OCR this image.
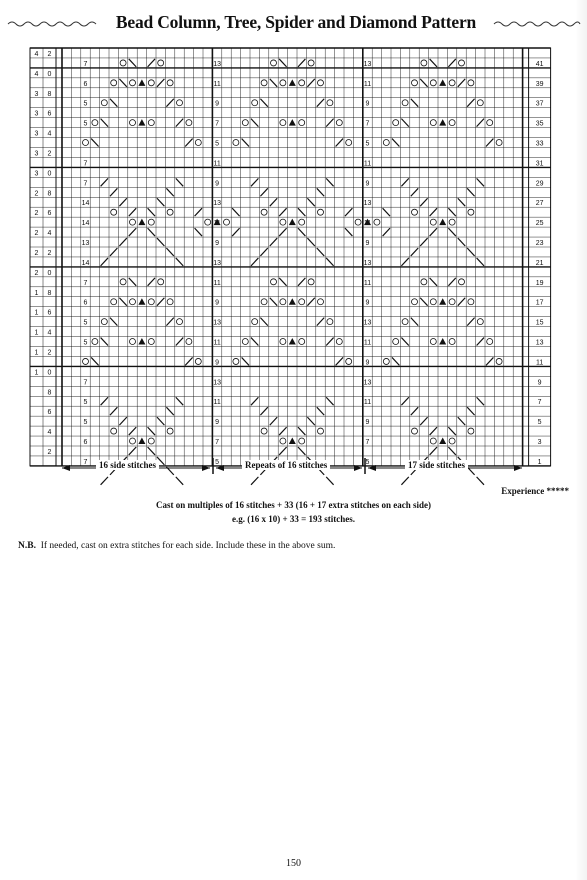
Bead Column, Tree, Spider and Diamond Pattern
4 2
4 0
3 8
3 6
3 4
3 2
3 0
2 8
2 6
2 4
2 2
2 0
1 8
1 6
1 4
1 2
1 0
8
6
4
2
41
39
37
35
33
31
29
27
25
23
21
19
17
15
13
11
9
7
5
3
1
7
6
5
5
7
7
14
14
13
14
7
6
5
5
7
5
5
6
7
13	13
11	11
9	9
7	7
5	5
11	11
9	9
13	13
9	9
13	13
11	11
9	9
13	13
11	11
9	9
13	13
11	11
9	9
7	7
5	5
16 side stitches	Repeats of 16 stitches	17 side stitches
Experience *****
Cast on multiples of 16 stitches + 33 (16 + 17 extra stitches on each side)
e.g. (16 x 10) + 33 = 193 stitches.
N.B. If needed, cast on extra stitches for each side. Include these in the above sum.
150
